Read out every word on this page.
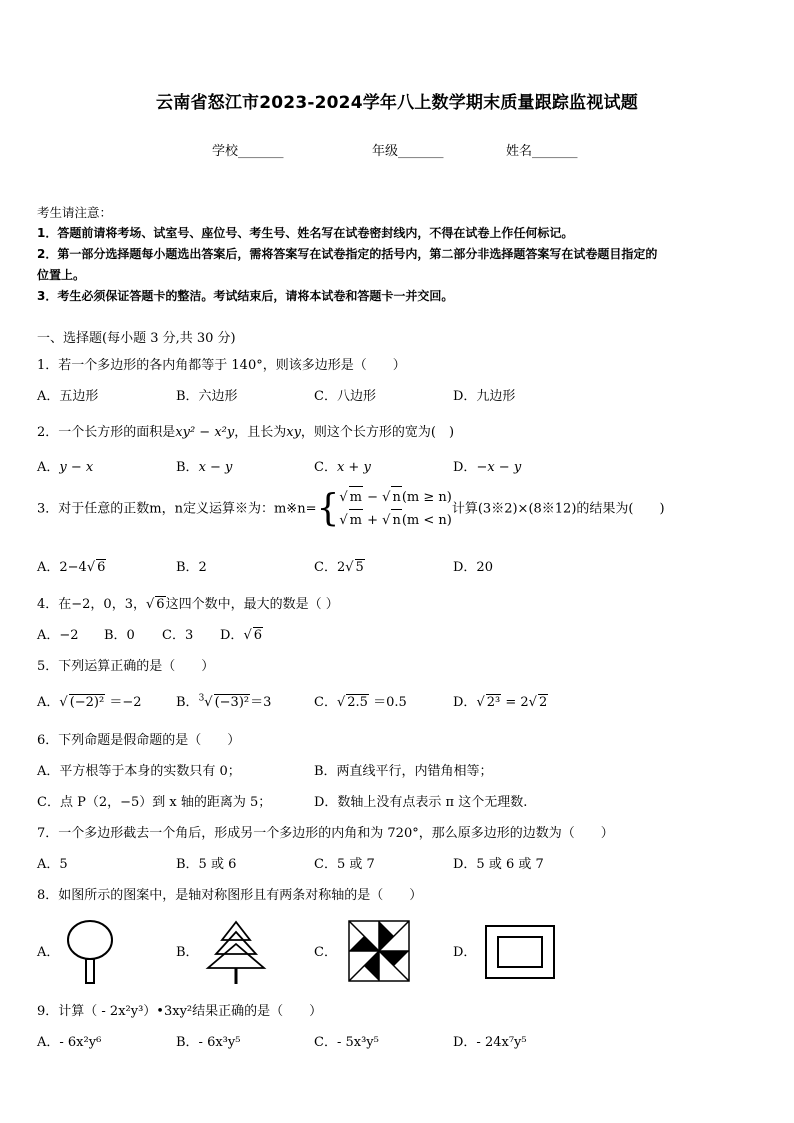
云南省怒江市2023-2024学年八上数学期末质量跟踪监视试题
学校_______	年级_______	姓名_______
考生请注意：
1．答题前请将考场、试室号、座位号、考生号、姓名写在试卷密封线内，不得在试卷上作任何标记。
2．第一部分选择题每小题选出答案后，需将答案写在试卷指定的括号内，第二部分非选择题答案写在试卷题目指定的
位置上。
3．考生必须保证答题卡的整洁。考试结束后，请将本试卷和答题卡一并交回。
一、选择题(每小题 3 分,共 30 分)
1．若一个多边形的各内角都等于 140°，则该多边形是（　　）
A．五边形	B．六边形	C．八边形	D．九边形
2．一个长方形的面积是xy² − x²y，且长为xy，则这个长方形的宽为(　)
A．y − x	B．x − y	C．x + y	D．−x − y
3．对于任意的正数m，n定义运算※为：m※n={√ m − √ n(m ≥ n)
√ m + √ n(m < n)计算(3※2)×(8※12)的结果为(　　)
A．2−4√ 6	B．2	C．2√ 5	D．20
4．在−2，0，3，√ 6这四个数中，最大的数是（ ）
A．−2 B．0 C．3 D．√ 6
5．下列运算正确的是（　　）
A．√ (−2)² ＝−2	B．$^3$√ (−3)²＝3	C．√ 2.5 ＝0.5	D．√ 2³ = 2√ 2
6．下列命题是假命题的是（　　）
A．平方根等于本身的实数只有 0；	B．两直线平行，内错角相等；
C．点 P（2，−5）到 x 轴的距离为 5；	D．数轴上没有点表示 π 这个无理数.
7．一个多边形截去一个角后，形成另一个多边形的内角和为 720°，那么原多边形的边数为（　　）
A．5	B．5 或 6	C．5 或 7	D．5 或 6 或 7
8．如图所示的图案中，是轴对称图形且有两条对称轴的是（　　）
A．	B．	C．	D．
9．计算（ - 2x²y³）•3xy²结果正确的是（　　）
A．- 6x²y⁶	B．- 6x³y⁵	C．- 5x³y⁵	D．- 24x⁷y⁵
